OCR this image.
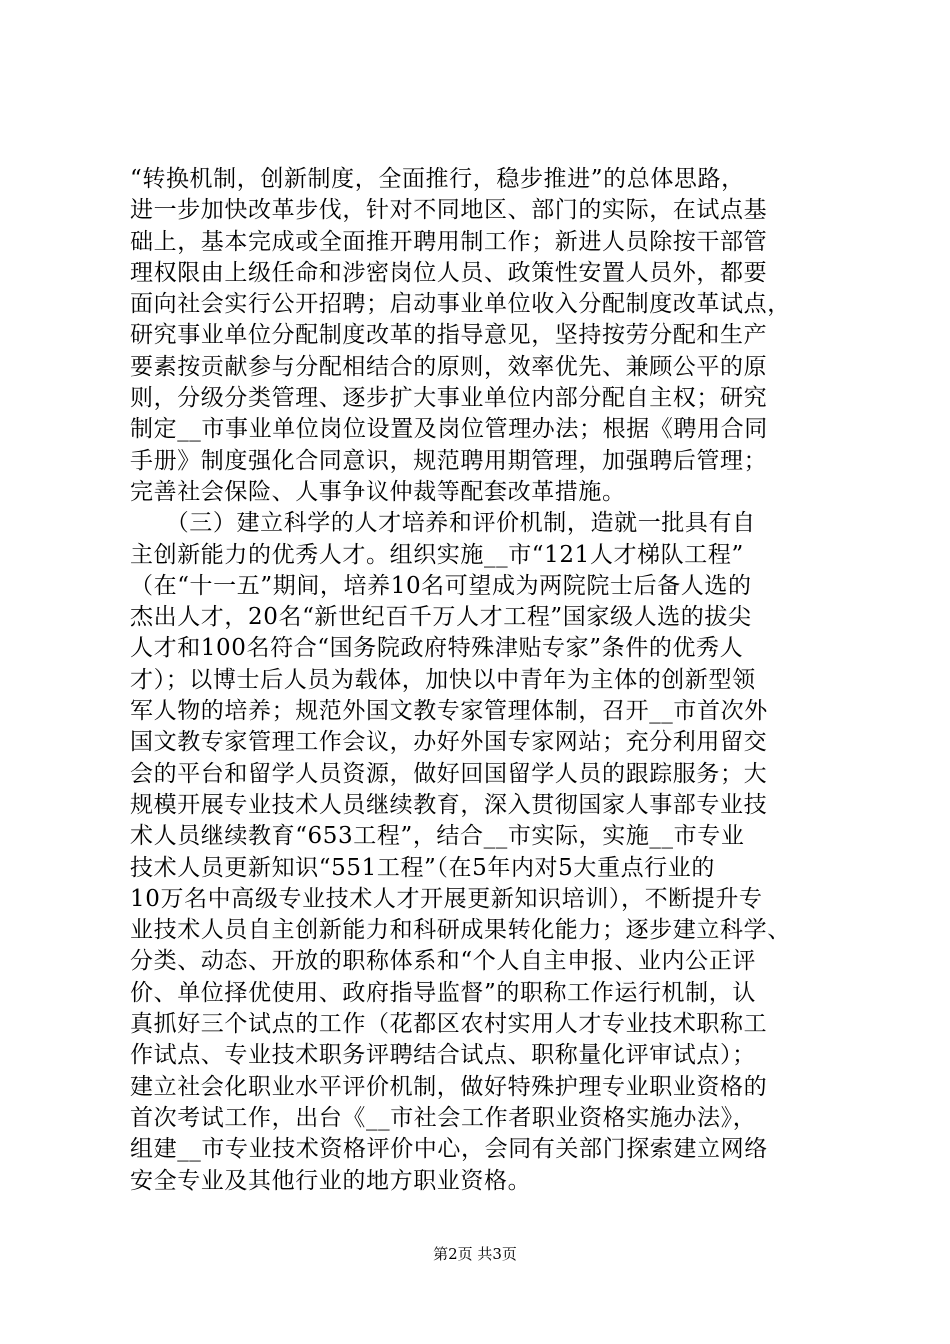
“转换机制，创新制度，全面推行，稳步推进”的总体思路，
进一步加快改革步伐，针对不同地区、部门的实际，在试点基
础上，基本完成或全面推开聘用制工作；新进人员除按干部管
理权限由上级任命和涉密岗位人员、政策性安置人员外，都要
面向社会实行公开招聘；启动事业单位收入分配制度改革试点，
研究事业单位分配制度改革的指导意见，坚持按劳分配和生产
要素按贡献参与分配相结合的原则，效率优先、兼顾公平的原
则，分级分类管理、逐步扩大事业单位内部分配自主权；研究
制定__市事业单位岗位设置及岗位管理办法；根据《聘用合同
手册》制度强化合同意识，规范聘用期管理，加强聘后管理；
完善社会保险、人事争议仲裁等配套改革措施。
　　（三）建立科学的人才培养和评价机制，造就一批具有自
主创新能力的优秀人才。组织实施__市“121人才梯队工程”
（在“十一五”期间，培养10名可望成为两院院士后备人选的
杰出人才，20名“新世纪百千万人才工程”国家级人选的拔尖
人才和100名符合“国务院政府特殊津贴专家”条件的优秀人
才）；以博士后人员为载体，加快以中青年为主体的创新型领
军人物的培养；规范外国文教专家管理体制，召开__市首次外
国文教专家管理工作会议，办好外国专家网站；充分利用留交
会的平台和留学人员资源，做好回国留学人员的跟踪服务；大
规模开展专业技术人员继续教育，深入贯彻国家人事部专业技
术人员继续教育“653工程”，结合__市实际，实施__市专业
技术人员更新知识“551工程”（在5年内对5大重点行业的
10万名中高级专业技术人才开展更新知识培训），不断提升专
业技术人员自主创新能力和科研成果转化能力；逐步建立科学、
分类、动态、开放的职称体系和“个人自主申报、业内公正评
价、单位择优使用、政府指导监督”的职称工作运行机制，认
真抓好三个试点的工作（花都区农村实用人才专业技术职称工
作试点、专业技术职务评聘结合试点、职称量化评审试点）；
建立社会化职业水平评价机制，做好特殊护理专业职业资格的
首次考试工作，出台《__市社会工作者职业资格实施办法》，
组建__市专业技术资格评价中心，会同有关部门探索建立网络
安全专业及其他行业的地方职业资格。
第2页 共3页
